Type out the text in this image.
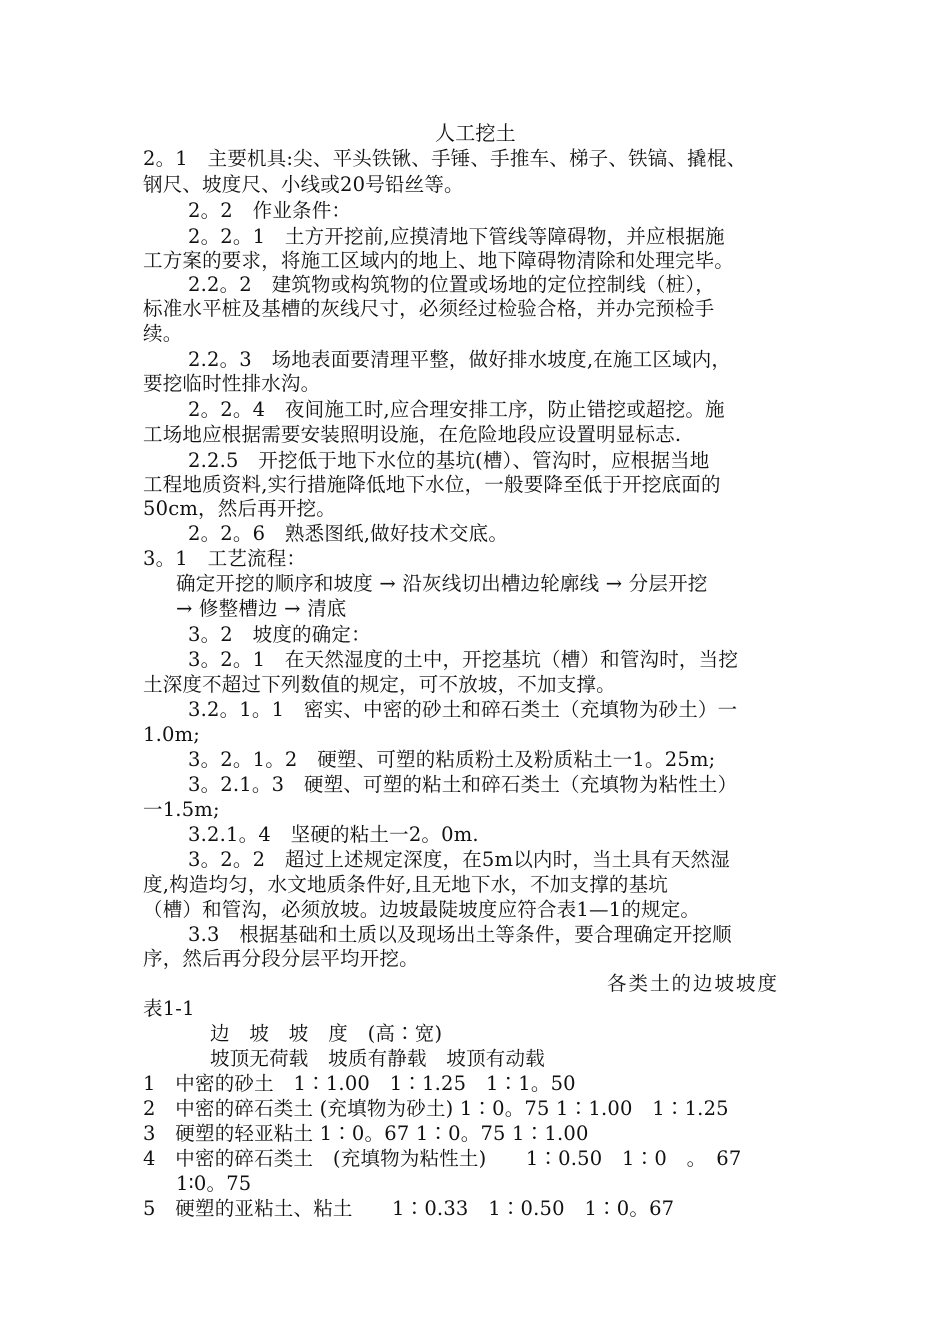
人工挖土
2。1　主要机具:尖、平头铁锹、手锤、手推车、梯子、铁镐、撬棍、
钢尺、坡度尺、小线或20号铅丝等。
2。2　作业条件：
2。2。1　土方开挖前,应摸清地下管线等障碍物，并应根据施
工方案的要求，将施工区域内的地上、地下障碍物清除和处理完毕。
2.2。2　建筑物或构筑物的位置或场地的定位控制线（桩），
标准水平桩及基槽的灰线尺寸，必须经过检验合格，并办完预检手
续。
2.2。3　场地表面要清理平整，做好排水坡度,在施工区域内，
要挖临时性排水沟。
2。2。4　夜间施工时,应合理安排工序，防止错挖或超挖。施
工场地应根据需要安装照明设施，在危险地段应设置明显标志.
2.2.5　开挖低于地下水位的基坑(槽）、管沟时，应根据当地
工程地质资料,实行措施降低地下水位，一般要降至低于开挖底面的
50cm，然后再开挖。
2。2。6　熟悉图纸,做好技术交底。
3。1　工艺流程：
确定开挖的顺序和坡度 → 沿灰线切出槽边轮廓线 → 分层开挖
→ 修整槽边 → 清底
3。2　坡度的确定：
3。2。1　在天然湿度的土中，开挖基坑（槽）和管沟时，当挖
土深度不超过下列数值的规定，可不放坡，不加支撑。
3.2。1。1　密实、中密的砂土和碎石类土（充填物为砂土）一
1.0m;
3。2。1。2　硬塑、可塑的粘质粉土及粉质粘土一1。25m;
3。2.1。3　硬塑、可塑的粘土和碎石类土（充填物为粘性土）
一1.5m;
3.2.1。4　坚硬的粘土一2。0m.
3。2。2　超过上述规定深度，在5m以内时，当土具有天然湿
度,构造均匀，水文地质条件好,且无地下水，不加支撑的基坑
（槽）和管沟，必须放坡。边坡最陡坡度应符合表1—1的规定。
3.3　根据基础和土质以及现场出土等条件，要合理确定开挖顺
序，然后再分段分层平均开挖。
各类土的边坡坡度
表1-1
边　坡　坡　度　(高∶宽)
坡顶无荷载　坡质有静载　坡顶有动载
1　中密的砂土　1∶1.00　1∶1.25　1∶1。50
2　中密的碎石类土 (充填物为砂土) 1∶0。75 1∶1.00　1∶1.25
3　硬塑的轻亚粘土 1∶0。67 1∶0。75 1∶1.00
4　中密的碎石类土　(充填物为粘性土)　　1∶0.50　1∶0　。　67
1∶0。75
5　硬塑的亚粘土、粘土　　1∶0.33　1∶0.50　1∶0。67
